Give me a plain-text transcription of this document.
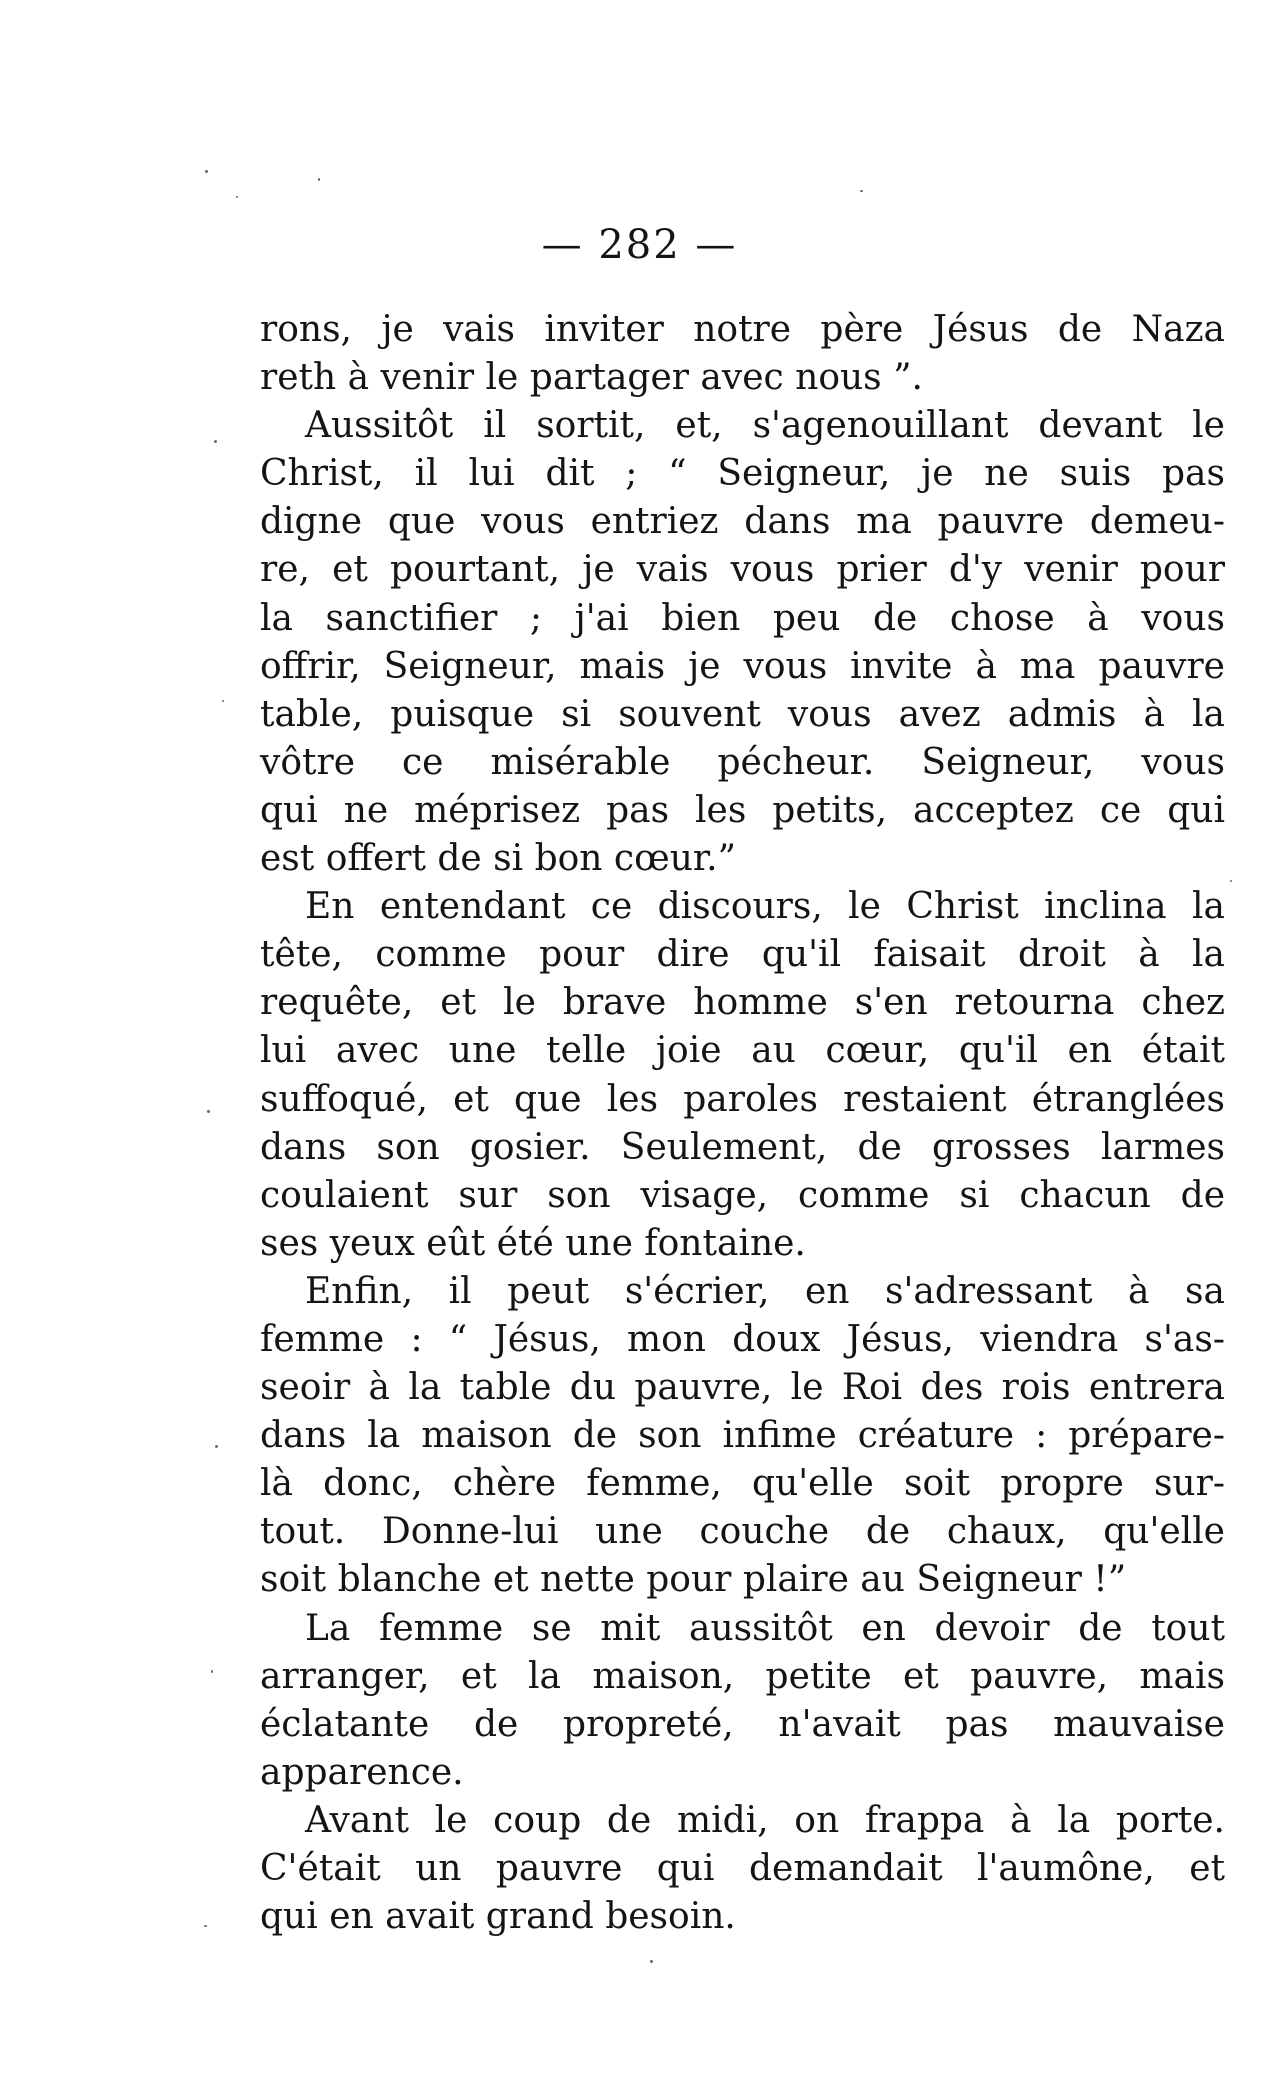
— 282 —
rons, je vais inviter notre père Jésus de Naza
reth à venir le partager avec nous ”.
Aussitôt il sortit, et, s'agenouillant devant le
Christ, il lui dit ; “ Seigneur, je ne suis pas
digne que vous entriez dans ma pauvre demeu-
re, et pourtant, je vais vous prier d'y venir pour
la sanctifier ; j'ai bien peu de chose à vous
offrir, Seigneur, mais je vous invite à ma pauvre
table, puisque si souvent vous avez admis à la
vôtre ce misérable pécheur. Seigneur, vous
qui ne méprisez pas les petits, acceptez ce qui
est offert de si bon cœur.”
En entendant ce discours, le Christ inclina la
tête, comme pour dire qu'il faisait droit à la
requête, et le brave homme s'en retourna chez
lui avec une telle joie au cœur, qu'il en était
suffoqué, et que les paroles restaient étranglées
dans son gosier. Seulement, de grosses larmes
coulaient sur son visage, comme si chacun de
ses yeux eût été une fontaine.
Enfin, il peut s'écrier, en s'adressant à sa
femme : “ Jésus, mon doux Jésus, viendra s'as-
seoir à la table du pauvre, le Roi des rois entrera
dans la maison de son infime créature : prépare-
là donc, chère femme, qu'elle soit propre sur-
tout. Donne-lui une couche de chaux, qu'elle
soit blanche et nette pour plaire au Seigneur !”
La femme se mit aussitôt en devoir de tout
arranger, et la maison, petite et pauvre, mais
éclatante de propreté, n'avait pas mauvaise
apparence.
Avant le coup de midi, on frappa à la porte.
C'était un pauvre qui demandait l'aumône, et
qui en avait grand besoin.
